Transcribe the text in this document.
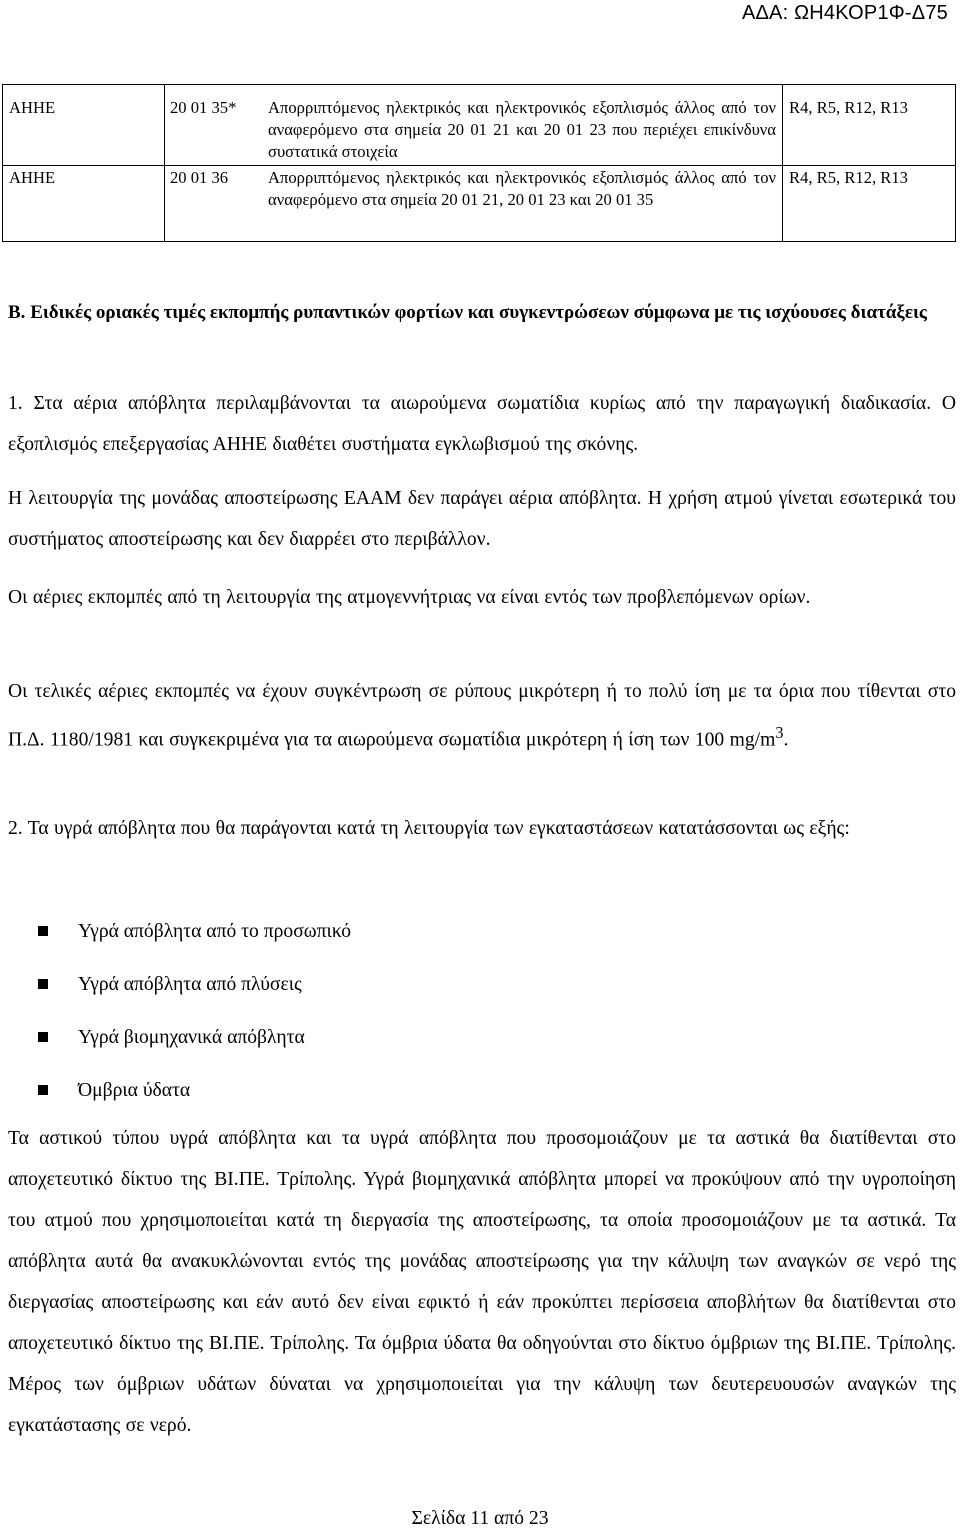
ΑΔΑ: ΩΗ4ΚΟΡ1Φ-Δ75
ΑΗΗΕ	20 01 35*	Απορριπτόμενος ηλεκτρικός και ηλεκτρονικός εξοπλισμός άλλος από τον αναφερόμενο στα σημεία 20 01 21 και 20 01 23 που περιέχει επικίνδυνα συστατικά στοιχεία	R4, R5, R12, R13
ΑΗΗΕ	20 01 36	Απορριπτόμενος ηλεκτρικός και ηλεκτρονικός εξοπλισμός άλλος από τον αναφερόμενο στα σημεία 20 01 21, 20 01 23 και 20 01 35	R4, R5, R12, R13
Β. Ειδικές οριακές τιμές εκπομπής ρυπαντικών φορτίων και συγκεντρώσεων σύμφωνα με τις ισχύουσες διατάξεις

1. Στα αέρια απόβλητα περιλαμβάνονται τα αιωρούμενα σωματίδια κυρίως από την παραγωγική διαδικασία. Ο εξοπλισμός επεξεργασίας ΑΗΗΕ διαθέτει συστήματα εγκλωβισμού της σκόνης.

Η λειτουργία της μονάδας αποστείρωσης ΕΑΑΜ δεν παράγει αέρια απόβλητα. Η χρήση ατμού γίνεται εσωτερικά του συστήματος αποστείρωσης και δεν διαρρέει στο περιβάλλον.

Οι αέριες εκπομπές από τη λειτουργία της ατμογεννήτριας να είναι εντός των προβλεπόμενων ορίων.

Οι τελικές αέριες εκπομπές να έχουν συγκέντρωση σε ρύπους μικρότερη ή το πολύ ίση με τα όρια που τίθενται στο Π.Δ. 1180/1981 και συγκεκριμένα για τα αιωρούμενα σωματίδια μικρότερη ή ίση των 100 $mg/m^3$.

2. Τα υγρά απόβλητα που θα παράγονται κατά τη λειτουργία των εγκαταστάσεων κατατάσσονται ως εξής:

Υγρά απόβλητα από το προσωπικό
Υγρά απόβλητα από πλύσεις
Υγρά βιομηχανικά απόβλητα
Όμβρια ύδατα

Τα αστικού τύπου υγρά απόβλητα και τα υγρά απόβλητα που προσομοιάζουν με τα αστικά θα διατίθενται στο αποχετευτικό δίκτυο της ΒΙ.ΠΕ. Τρίπολης. Υγρά βιομηχανικά απόβλητα μπορεί να προκύψουν από την υγροποίηση του ατμού που χρησιμοποιείται κατά τη διεργασία της αποστείρωσης, τα οποία προσομοιάζουν με τα αστικά. Τα απόβλητα αυτά θα ανακυκλώνονται εντός της μονάδας αποστείρωσης για την κάλυψη των αναγκών σε νερό της διεργασίας αποστείρωσης και εάν αυτό δεν είναι εφικτό ή εάν προκύπτει περίσσεια αποβλήτων θα διατίθενται στο αποχετευτικό δίκτυο της ΒΙ.ΠΕ. Τρίπολης. Τα όμβρια ύδατα θα οδηγούνται στο δίκτυο όμβριων της ΒΙ.ΠΕ. Τρίπολης. Μέρος των όμβριων υδάτων δύναται να χρησιμοποιείται για την κάλυψη των δευτερευουσών αναγκών της εγκατάστασης σε νερό.

Σελίδα 11 από 23
